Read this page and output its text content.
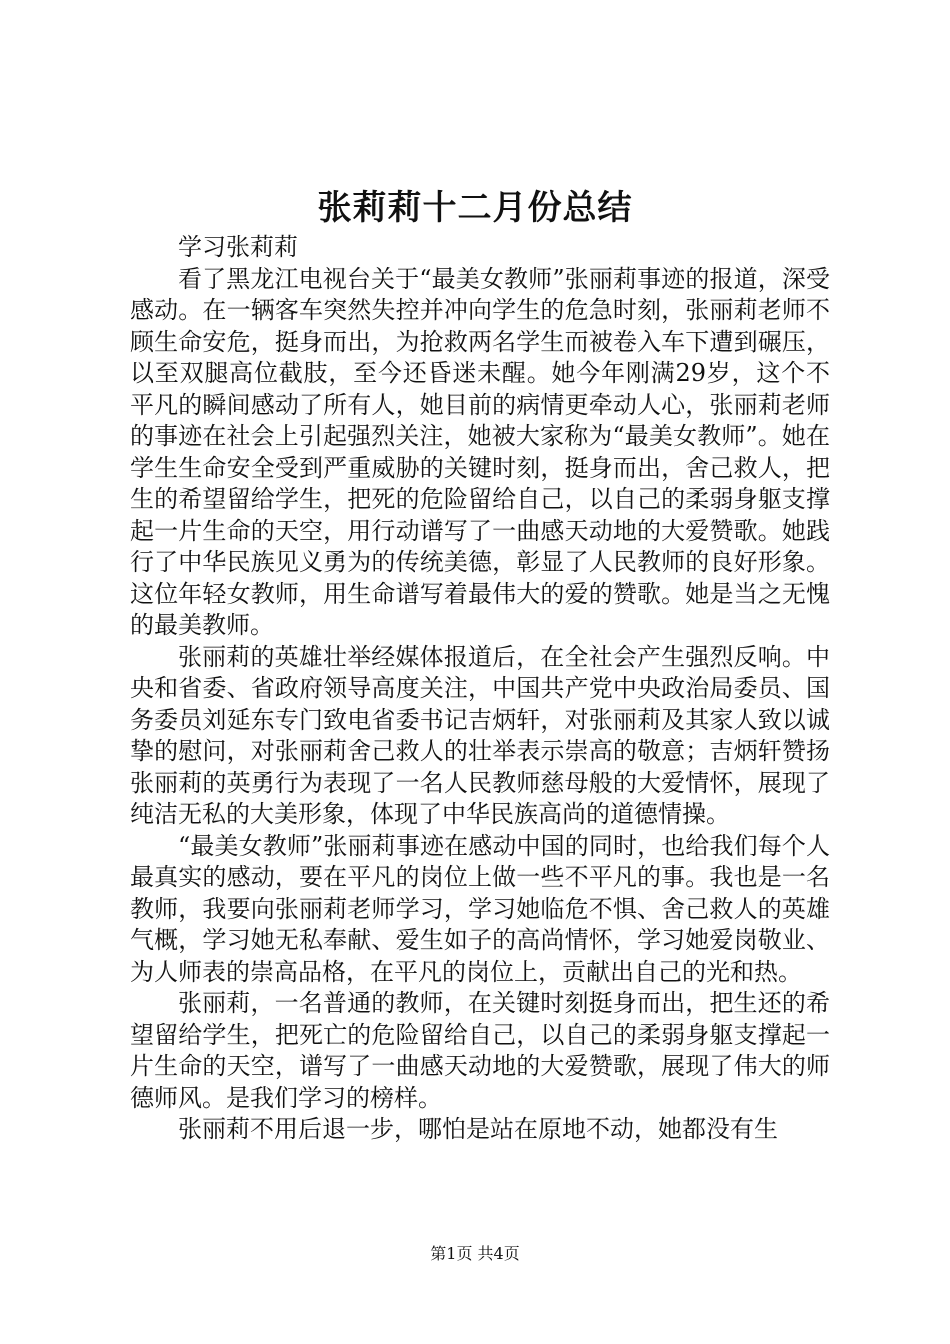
张莉莉十二月份总结

学习张莉莉

看了黑龙江电视台关于“最美女教师”张丽莉事迹的报道，深受感动。在一辆客车突然失控并冲向学生的危急时刻，张丽莉老师不顾生命安危，挺身而出，为抢救两名学生而被卷入车下遭到碾压，以至双腿高位截肢，至今还昏迷未醒。她今年刚满29岁，这个不平凡的瞬间感动了所有人，她目前的病情更牵动人心，张丽莉老师的事迹在社会上引起强烈关注，她被大家称为“最美女教师”。她在学生生命安全受到严重威胁的关键时刻，挺身而出，舍己救人，把生的希望留给学生，把死的危险留给自己，以自己的柔弱身躯支撑起一片生命的天空，用行动谱写了一曲感天动地的大爱赞歌。她践行了中华民族见义勇为的传统美德，彰显了人民教师的良好形象。这位年轻女教师，用生命谱写着最伟大的爱的赞歌。她是当之无愧的最美教师。

张丽莉的英雄壮举经媒体报道后，在全社会产生强烈反响。中央和省委、省政府领导高度关注，中国共产党中央政治局委员、国务委员刘延东专门致电省委书记吉炳轩，对张丽莉及其家人致以诚挚的慰问，对张丽莉舍己救人的壮举表示崇高的敬意；吉炳轩赞扬张丽莉的英勇行为表现了一名人民教师慈母般的大爱情怀，展现了纯洁无私的大美形象，体现了中华民族高尚的道德情操。

“最美女教师”张丽莉事迹在感动中国的同时，也给我们每个人最真实的感动，要在平凡的岗位上做一些不平凡的事。我也是一名教师，我要向张丽莉老师学习，学习她临危不惧、舍己救人的英雄气概，学习她无私奉献、爱生如子的高尚情怀，学习她爱岗敬业、为人师表的崇高品格，在平凡的岗位上，贡献出自己的光和热。

张丽莉，一名普通的教师，在关键时刻挺身而出，把生还的希望留给学生，把死亡的危险留给自己，以自己的柔弱身躯支撑起一片生命的天空，谱写了一曲感天动地的大爱赞歌，展现了伟大的师德师风。是我们学习的榜样。

张丽莉不用后退一步，哪怕是站在原地不动，她都没有生

第1页 共4页
